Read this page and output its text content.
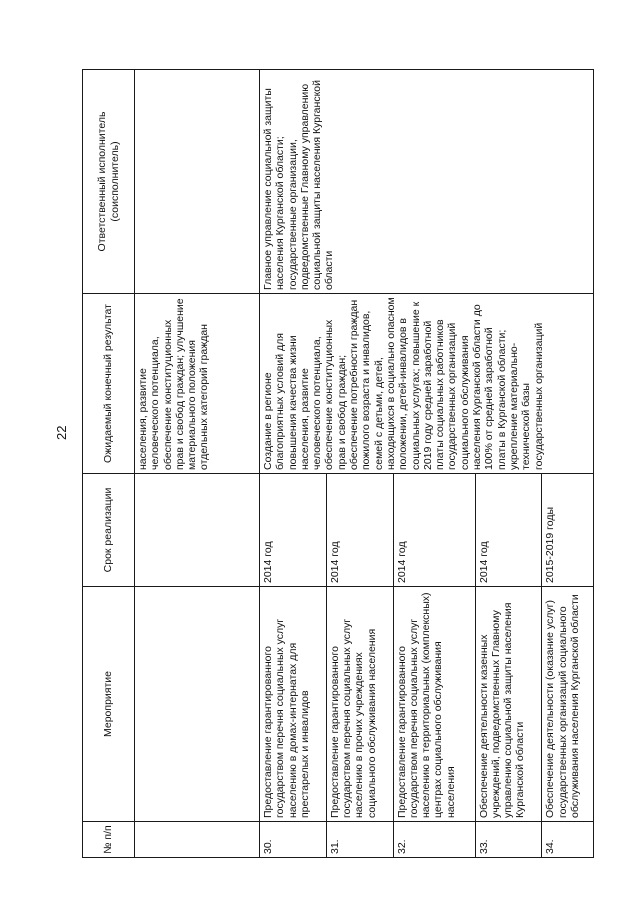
22
№ п/п	Мероприятие	Срок реализации	Ожидаемый конечный результат	Ответственный исполнитель (соисполнитель)
			населения, развитие человеческого потенциала, обеспечение конституционных прав и свобод граждан; улучшение материального положения отдельных категорий граждан	
30.	Предоставление гарантированного государством перечня социальных услуг населению в домах-интернатах для престарелых и инвалидов	2014 год	Создание в регионе благоприятных условий для повышения качества жизни населения, развитие человеческого потенциала, обеспечение конституционных прав и свобод граждан; обеспечение потребности граждан пожилого возраста и инвалидов, семей с детьми, детей, находящихся в социально опасном положении, детей-инвалидов в социальных услугах; повышение к 2019 году средней заработной платы социальных работников государственных организаций социального обслуживания населения Курганской области до 100% от средней заработной платы в Курганской области; укрепление материально-технической базы государственных организаций	Главное управление социальной защиты населения Курганской области; государственные организации, подведомственные Главному управлению социальной защиты населения Курганской области
31.	Предоставление гарантированного государством перечня социальных услуг населению в прочих учреждениях социального обслуживания населения	2014 год		
32.	Предоставление гарантированного государством перечня социальных услуг населению в территориальных (комплексных) центрах социального обслуживания населения	2014 год		
33.	Обеспечение деятельности казенных учреждений, подведомственных Главному управлению социальной защиты населения Курганской области	2014 год		
34.	Обеспечение деятельности (оказание услуг) государственных организаций социального обслуживания населения Курганской области	2015-2019 годы		
